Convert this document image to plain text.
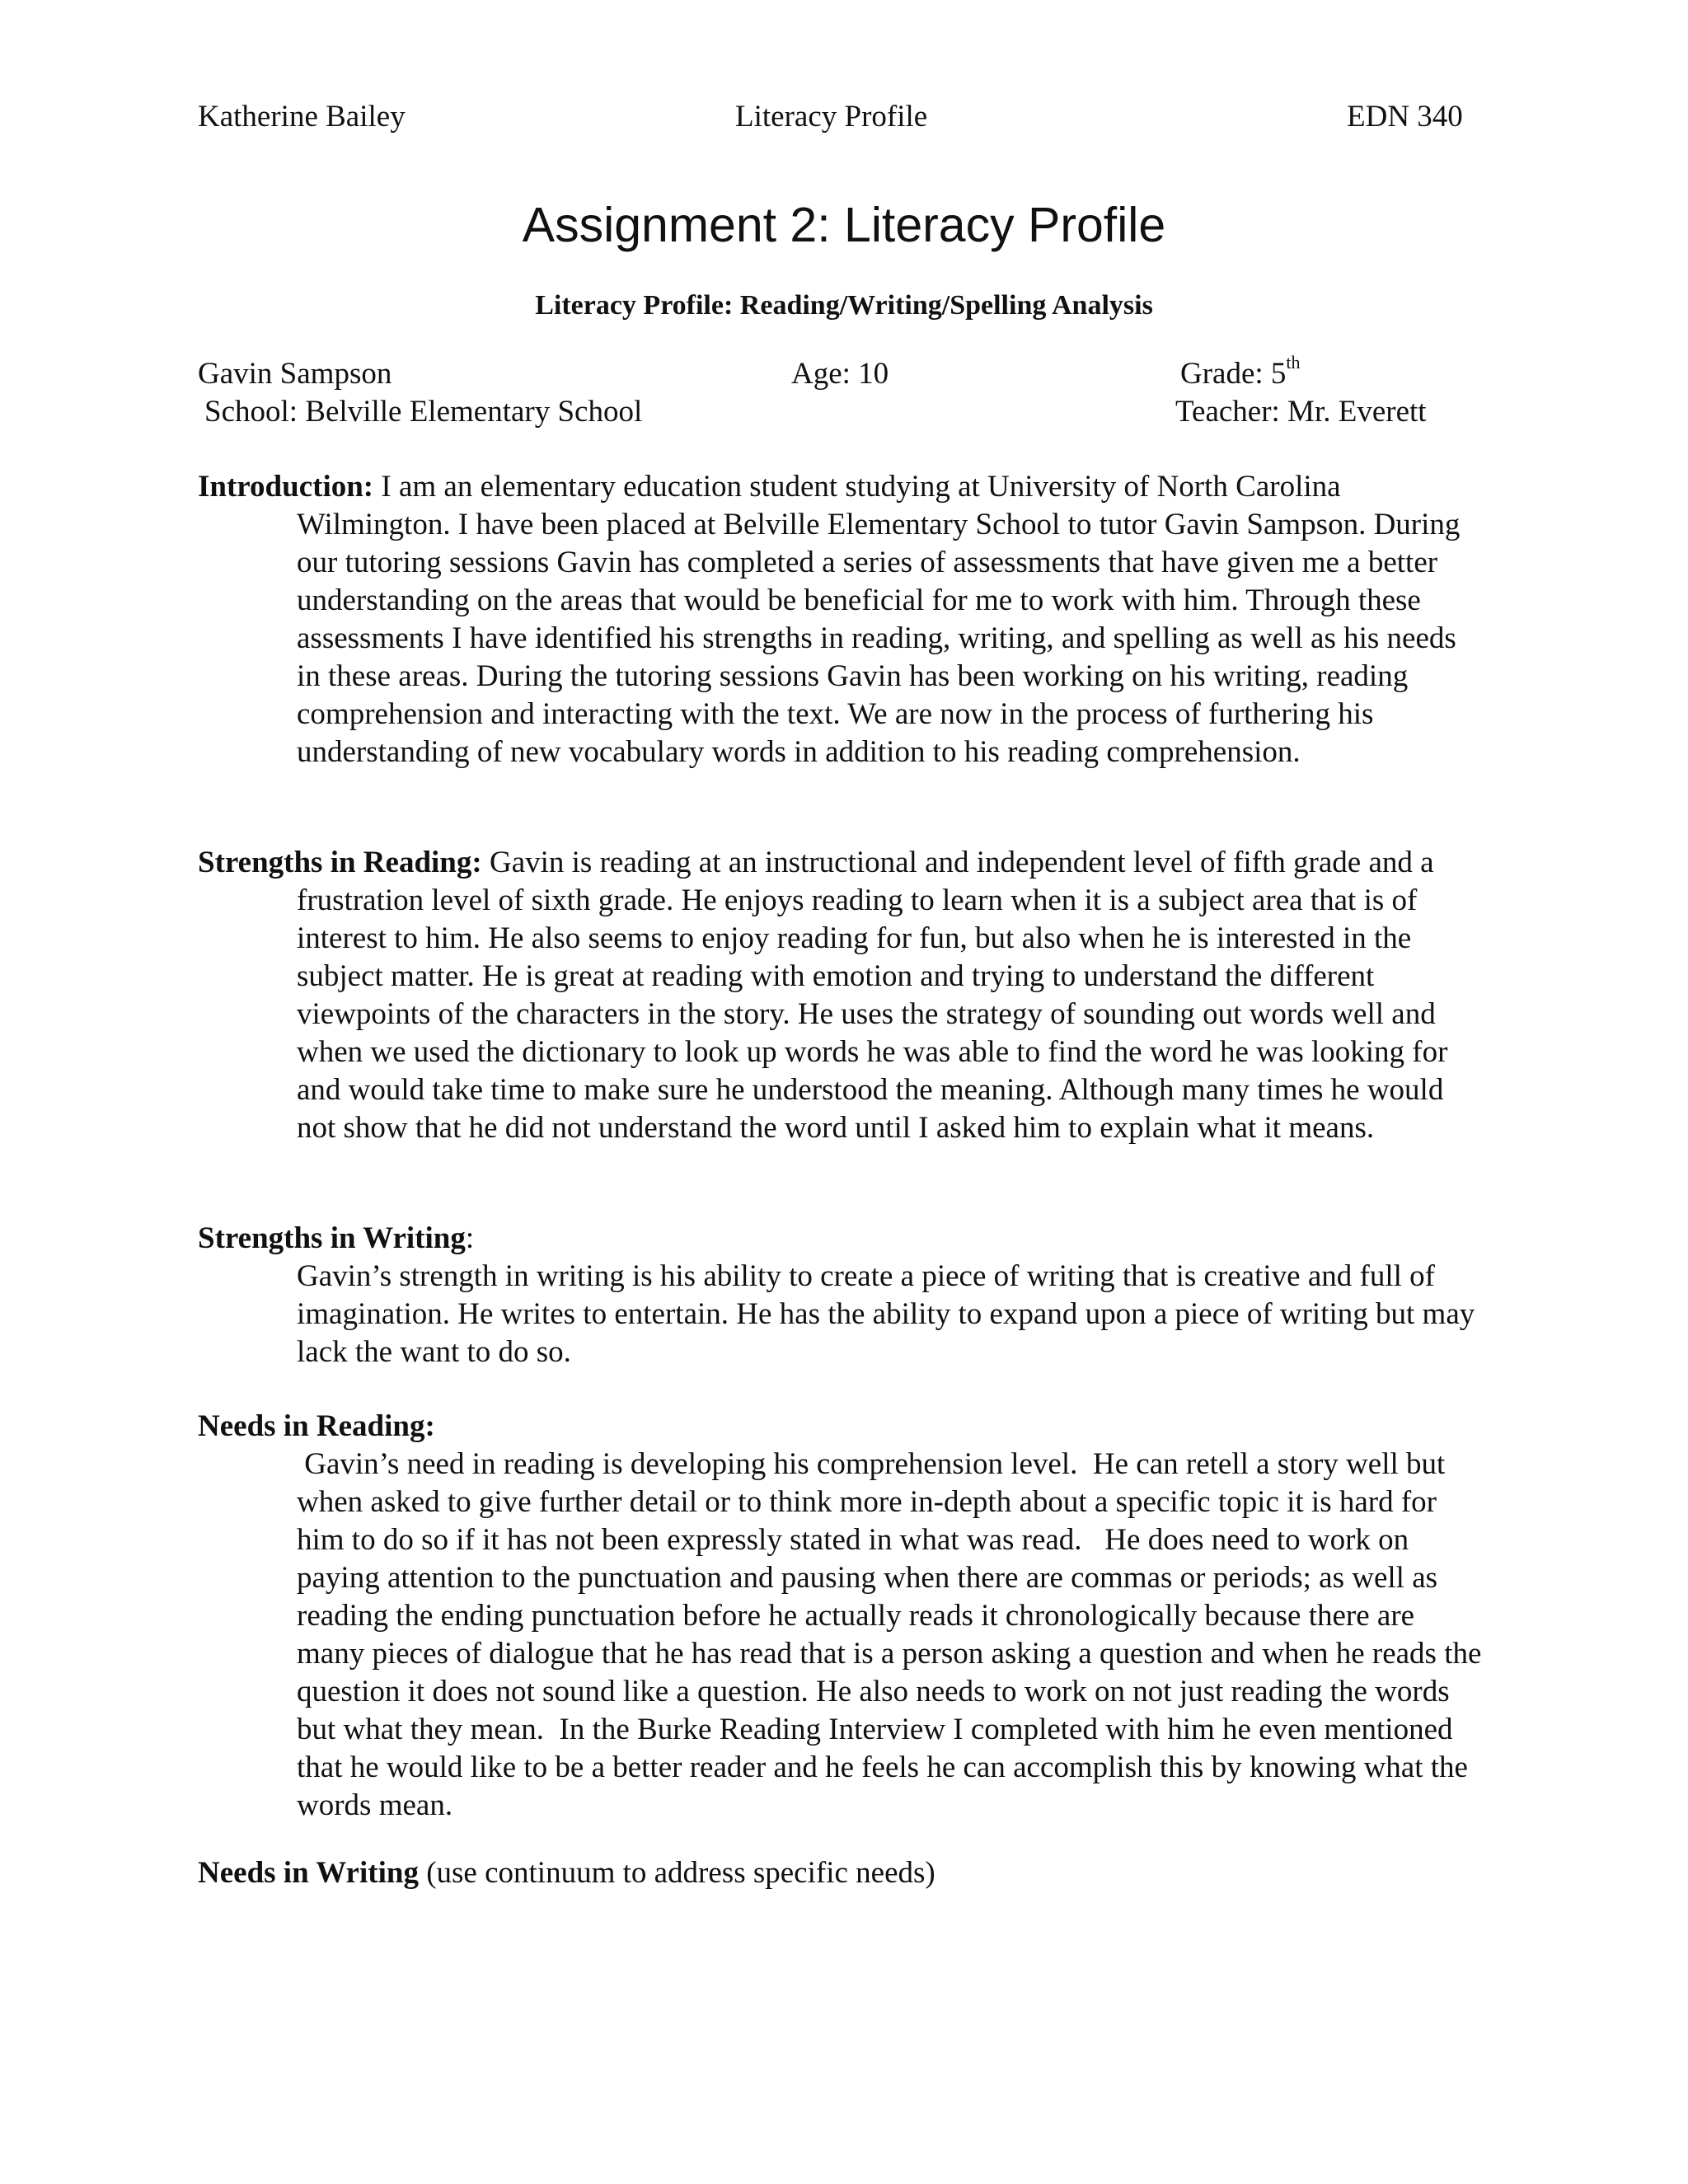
Katherine Bailey	Literacy Profile	EDN 340
Assignment 2: Literacy Profile
Literacy Profile: Reading/Writing/Spelling Analysis
Gavin Sampson	Age: 10	Grade: 5th
School: Belville Elementary School	Teacher: Mr. Everett

Introduction: I am an elementary education student studying at University of North Carolina Wilmington. I have been placed at Belville Elementary School to tutor Gavin Sampson. During our tutoring sessions Gavin has completed a series of assessments that have given me a better understanding on the areas that would be beneficial for me to work with him. Through these assessments I have identified his strengths in reading, writing, and spelling as well as his needs in these areas. During the tutoring sessions Gavin has been working on his writing, reading comprehension and interacting with the text. We are now in the process of furthering his understanding of new vocabulary words in addition to his reading comprehension.

Strengths in Reading: Gavin is reading at an instructional and independent level of fifth grade and a frustration level of sixth grade. He enjoys reading to learn when it is a subject area that is of interest to him. He also seems to enjoy reading for fun, but also when he is interested in the subject matter. He is great at reading with emotion and trying to understand the different viewpoints of the characters in the story. He uses the strategy of sounding out words well and when we used the dictionary to look up words he was able to find the word he was looking for and would take time to make sure he understood the meaning. Although many times he would not show that he did not understand the word until I asked him to explain what it means.

Strengths in Writing:
Gavin’s strength in writing is his ability to create a piece of writing that is creative and full of imagination. He writes to entertain. He has the ability to expand upon a piece of writing but may lack the want to do so.
Needs in Reading:
Gavin’s need in reading is developing his comprehension level.  He can retell a story well but when asked to give further detail or to think more in-depth about a specific topic it is hard for him to do so if it has not been expressly stated in what was read.   He does need to work on paying attention to the punctuation and pausing when there are commas or periods; as well as reading the ending punctuation before he actually reads it chronologically because there are many pieces of dialogue that he has read that is a person asking a question and when he reads the question it does not sound like a question. He also needs to work on not just reading the words but what they mean.  In the Burke Reading Interview I completed with him he even mentioned that he would like to be a better reader and he feels he can accomplish this by knowing what the words mean.

Needs in Writing (use continuum to address specific needs)
